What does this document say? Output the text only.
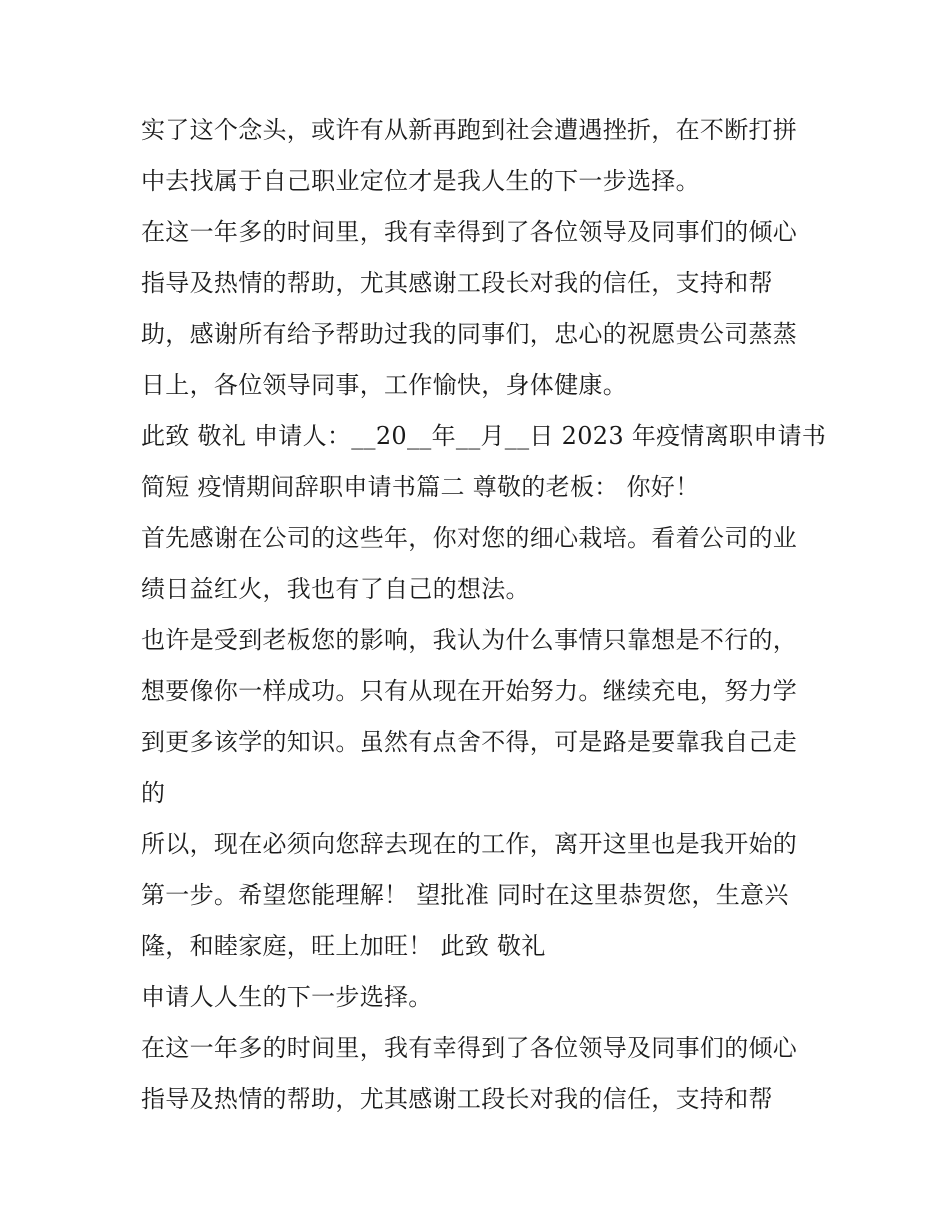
实了这个念头，或许有从新再跑到社会遭遇挫折，在不断打拼
中去找属于自己职业定位才是我人生的下一步选择。
在这一年多的时间里，我有幸得到了各位领导及同事们的倾心
指导及热情的帮助，尤其感谢工段长对我的信任，支持和帮
助，感谢所有给予帮助过我的同事们，忠心的祝愿贵公司蒸蒸
日上，各位领导同事，工作愉快，身体健康。
此致 敬礼 申请人：__20__年__月__日 2023 年疫情离职申请书
简短 疫情期间辞职申请书篇二 尊敬的老板： 你好！
首先感谢在公司的这些年，你对您的细心栽培。看着公司的业
绩日益红火，我也有了自己的想法。
也许是受到老板您的影响，我认为什么事情只靠想是不行的，
想要像你一样成功。只有从现在开始努力。继续充电，努力学
到更多该学的知识。虽然有点舍不得，可是路是要靠我自己走
的
所以，现在必须向您辞去现在的工作，离开这里也是我开始的
第一步。希望您能理解！ 望批准 同时在这里恭贺您，生意兴
隆，和睦家庭，旺上加旺！ 此致 敬礼
申请人人生的下一步选择。
在这一年多的时间里，我有幸得到了各位领导及同事们的倾心
指导及热情的帮助，尤其感谢工段长对我的信任，支持和帮
